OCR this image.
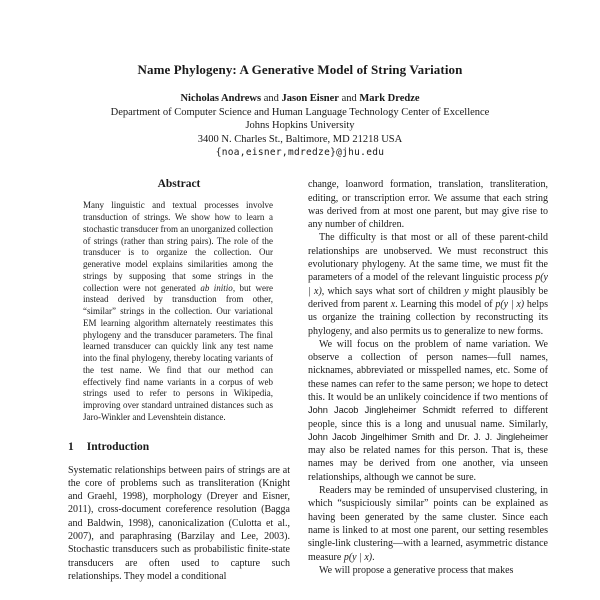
Name Phylogeny: A Generative Model of String Variation
Nicholas Andrews and Jason Eisner and Mark Dredze
Department of Computer Science and Human Language Technology Center of Excellence
Johns Hopkins University
3400 N. Charles St., Baltimore, MD 21218 USA
{noa,eisner,mdredze}@jhu.edu
Abstract
Many linguistic and textual processes involve transduction of strings. We show how to learn a stochastic transducer from an unorganized collection of strings (rather than string pairs). The role of the transducer is to organize the collection. Our generative model explains similarities among the strings by supposing that some strings in the collection were not generated ab initio, but were instead derived by transduction from other, “similar” strings in the collection. Our variational EM learning algorithm alternately reestimates this phylogeny and the transducer parameters. The final learned transducer can quickly link any test name into the final phylogeny, thereby locating variants of the test name. We find that our method can effectively find name variants in a corpus of web strings used to refer to persons in Wikipedia, improving over standard untrained distances such as Jaro-Winkler and Levenshtein distance.
1 Introduction

Systematic relationships between pairs of strings are at the core of problems such as transliteration (Knight and Graehl, 1998), morphology (Dreyer and Eisner, 2011), cross-document coreference resolution (Bagga and Baldwin, 1998), canonicalization (Culotta et al., 2007), and paraphrasing (Barzilay and Lee, 2003). Stochastic transducers such as probabilistic finite-state transducers are often used to capture such relationships. They model a conditional

change, loanword formation, translation, transliteration, editing, or transcription error. We assume that each string was derived from at most one parent, but may give rise to any number of children.

The difficulty is that most or all of these parent-child relationships are unobserved. We must reconstruct this evolutionary phylogeny. At the same time, we must fit the parameters of a model of the relevant linguistic process p(y | x), which says what sort of children y might plausibly be derived from parent x. Learning this model of p(y | x) helps us organize the training collection by reconstructing its phylogeny, and also permits us to generalize to new forms.

We will focus on the problem of name variation. We observe a collection of person names—full names, nicknames, abbreviated or misspelled names, etc. Some of these names can refer to the same person; we hope to detect this. It would be an unlikely coincidence if two mentions of John Jacob Jingleheimer Schmidt referred to different people, since this is a long and unusual name. Similarly, John Jacob Jingelhimer Smith and Dr. J. J. Jingleheimer may also be related names for this person. That is, these names may be derived from one another, via unseen relationships, although we cannot be sure.

Readers may be reminded of unsupervised clustering, in which “suspiciously similar” points can be explained as having been generated by the same cluster. Since each name is linked to at most one parent, our setting resembles single-link clustering—with a learned, asymmetric distance measure p(y | x).

We will propose a generative process that makes
